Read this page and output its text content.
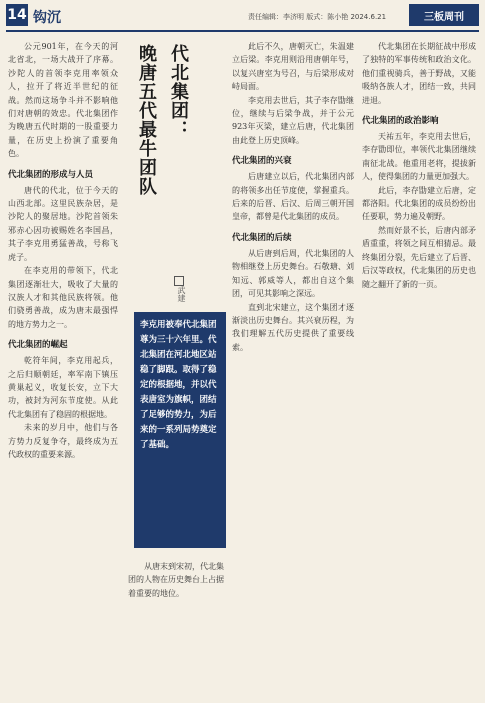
14 钩沉	责任编辑：李济明 版式：陈小艳 2024.6.21	三板周刊

公元901年，在今天的河北省北，一场大战开了序幕。沙陀人的首领李克用率领众人，拉开了将近半世纪的征战。然而这场争斗并不影响他们对唐朝的效忠。代北集团作为晚唐五代时期的一股重要力量，在历史上扮演了重要角色。

代北集团的形成与人员

唐代的代北，位于今天的山西北部。这里民族杂居，是沙陀人的聚居地。沙陀首领朱邪赤心因功被赐姓名李国昌，其子李克用勇猛善战，号称飞虎子。

在李克用的带领下，代北集团逐渐壮大，吸收了大量的汉族人才和其他民族将领。他们骁勇善战，成为唐末最强悍的地方势力之一。

代北集团的崛起

乾符年间，李克用起兵，之后归顺朝廷，率军南下镇压黄巢起义，收复长安，立下大功，被封为河东节度使。从此代北集团有了稳固的根据地。

未来的岁月中，他们与各方势力反复争夺，最终成为五代政权的重要来源。

代北集团：
晚唐五代最牛团队
武建
李克用被奉代北集团尊为三十六年里。代北集团在河北地区站稳了脚跟。取得了稳定的根据地，并以代表唐室为旗帜，团结了足够的势力，为后来的一系列局势奠定了基础。

从唐末到宋初，代北集团的人物在历史舞台上占据着重要的地位。

此后不久，唐朝灭亡，朱温建立后梁。李克用则沿用唐朝年号，以复兴唐室为号召，与后梁形成对峙局面。

李克用去世后，其子李存勖继位，继续与后梁争战，并于公元923年灭梁，建立后唐，代北集团由此登上历史顶峰。

代北集团的兴衰

后唐建立以后，代北集团内部的将领多出任节度使，掌握重兵。后来的后晋、后汉、后周三朝开国皇帝，都曾是代北集团的成员。

代北集团的后续

从后唐到后周，代北集团的人物相继登上历史舞台。石敬瑭、刘知远、郭威等人，都出自这个集团，可见其影响之深远。

直到北宋建立，这个集团才逐渐淡出历史舞台。其兴衰历程，为我们理解五代历史提供了重要线索。

代北集团在长期征战中形成了独特的军事传统和政治文化。他们重视骑兵，善于野战，又能吸纳各族人才，团结一致，共同进退。

代北集团的政治影响

天祐五年，李克用去世后，李存勖即位，率领代北集团继续南征北战。他重用老将，提拔新人，使得集团的力量更加强大。

此后，李存勖建立后唐，定都洛阳。代北集团的成员纷纷出任要职，势力遍及朝野。

然而好景不长，后唐内部矛盾重重，将领之间互相猜忌。最终集团分裂，先后建立了后晋、后汉等政权，代北集团的历史也随之翻开了新的一页。
